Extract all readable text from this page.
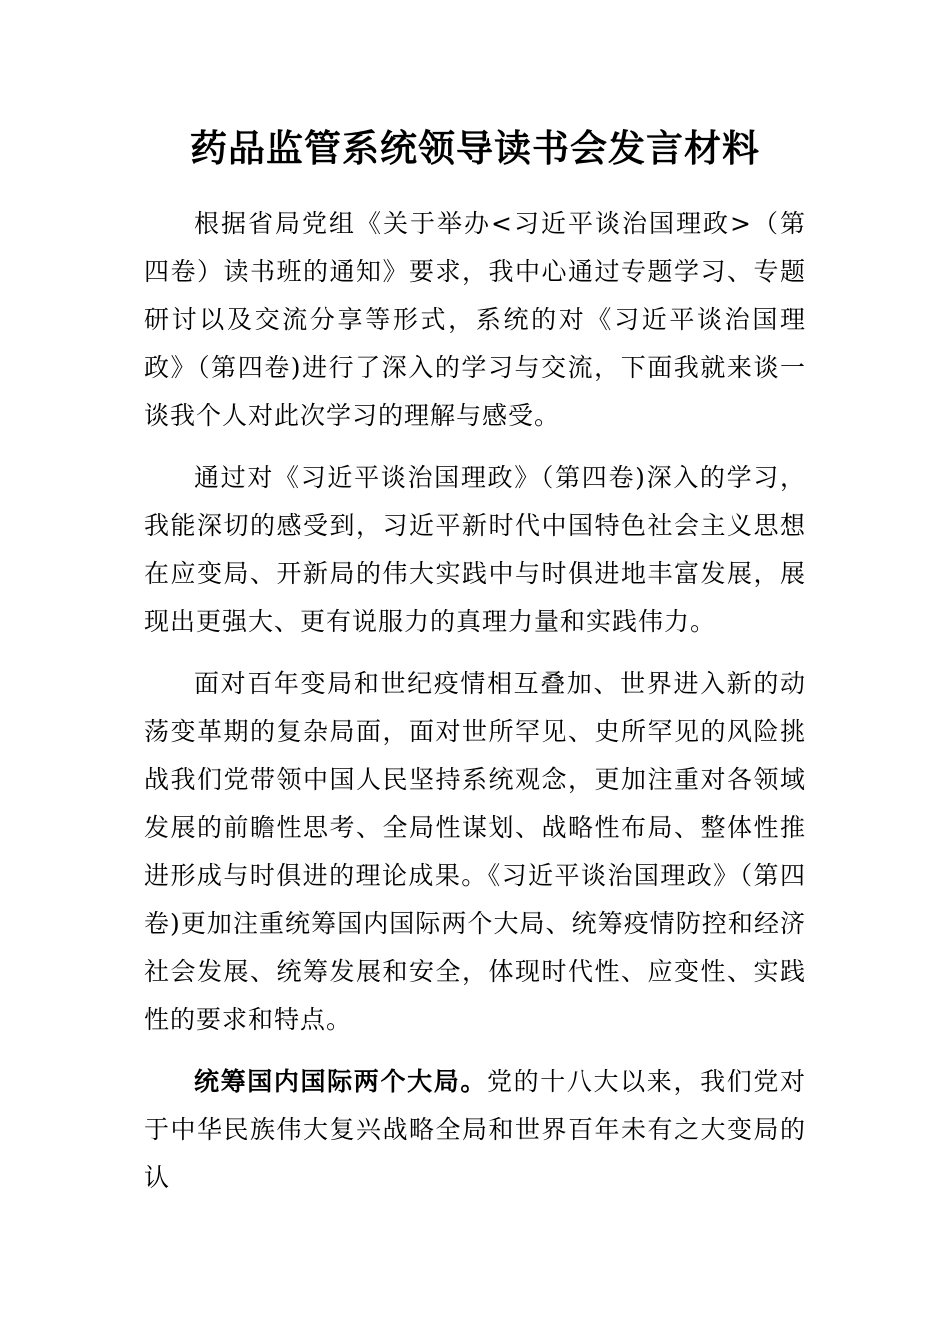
药品监管系统领导读书会发言材料

根据省局党组《关于举办<习近平谈治国理政>（第四卷）读书班的通知》要求，我中心通过专题学习、专题研讨以及交流分享等形式，系统的对《习近平谈治国理政》（第四卷)进行了深入的学习与交流，下面我就来谈一谈我个人对此次学习的理解与感受。

通过对《习近平谈治国理政》（第四卷)深入的学习，我能深切的感受到，习近平新时代中国特色社会主义思想在应变局、开新局的伟大实践中与时俱进地丰富发展，展现出更强大、更有说服力的真理力量和实践伟力。

面对百年变局和世纪疫情相互叠加、世界进入新的动荡变革期的复杂局面，面对世所罕见、史所罕见的风险挑战我们党带领中国人民坚持系统观念，更加注重对各领域发展的前瞻性思考、全局性谋划、战略性布局、整体性推进形成与时俱进的理论成果。《习近平谈治国理政》（第四卷)更加注重统筹国内国际两个大局、统筹疫情防控和经济社会发展、统筹发展和安全，体现时代性、应变性、实践性的要求和特点。

统筹国内国际两个大局。党的十八大以来，我们党对于中华民族伟大复兴战略全局和世界百年未有之大变局的认
